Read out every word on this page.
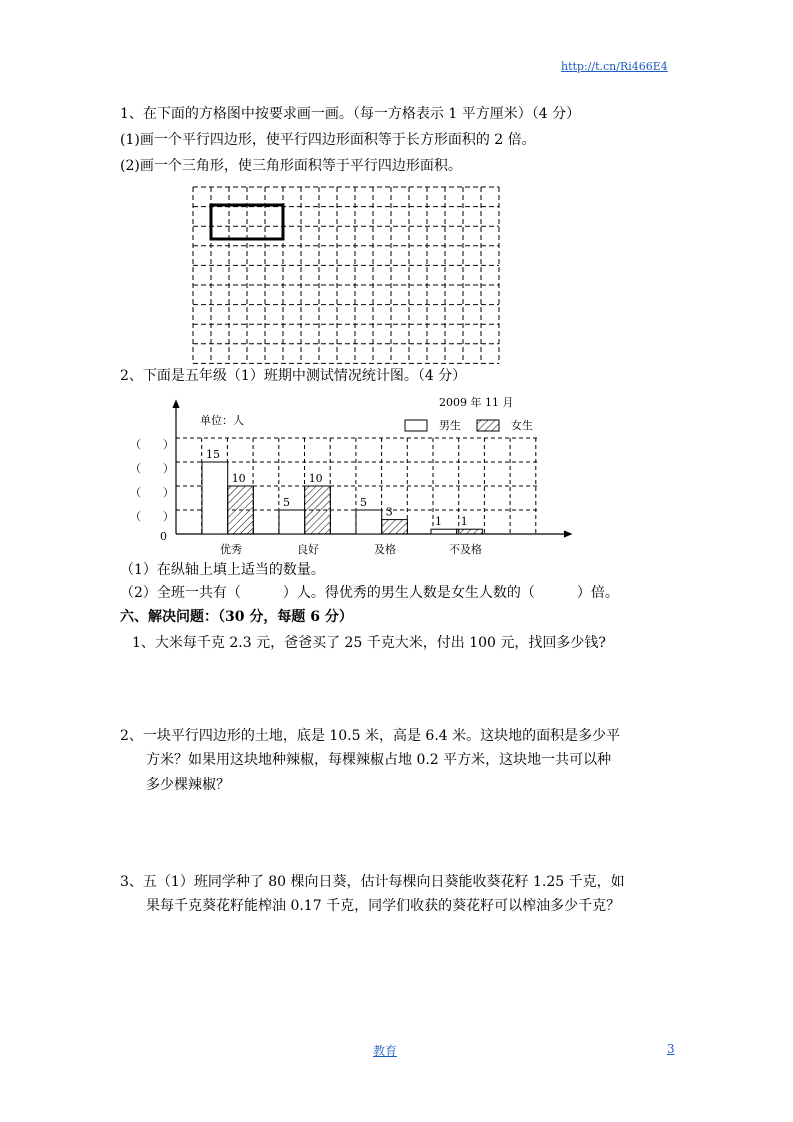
http://t.cn/Ri466E4
1、在下面的方格图中按要求画一画。（每一方格表示 1 平方厘米）（4 分）
(1)画一个平行四边形，使平行四边形面积等于长方形面积的 2 倍。
(2)画一个三角形，使三角形面积等于平行四边形面积。
2、下面是五年级（1）班期中测试情况统计图。（4 分）
2009 年 11 月
单位：人
0
（　　）
（　　）
（　　）
（　　）
15
10
优秀
5
10
良好
5
3
及格
1 1
不及格
男生	女生
（1）在纵轴上填上适当的数量。
（2）全班一共有（　　　）人。得优秀的男生人数是女生人数的（　　　）倍。
六、解决问题：（30 分，每题 6 分）
1、大米每千克 2.3 元，爸爸买了 25 千克大米，付出 100 元，找回多少钱?
2、一块平行四边形的土地，底是 10.5 米，高是 6.4 米。这块地的面积是多少平
方米？如果用这块地种辣椒，每棵辣椒占地 0.2 平方米，这块地一共可以种
多少棵辣椒？
3、五（1）班同学种了 80 棵向日葵，估计每棵向日葵能收葵花籽 1.25 千克，如
果每千克葵花籽能榨油 0.17 千克，同学们收获的葵花籽可以榨油多少千克？
教育	3
